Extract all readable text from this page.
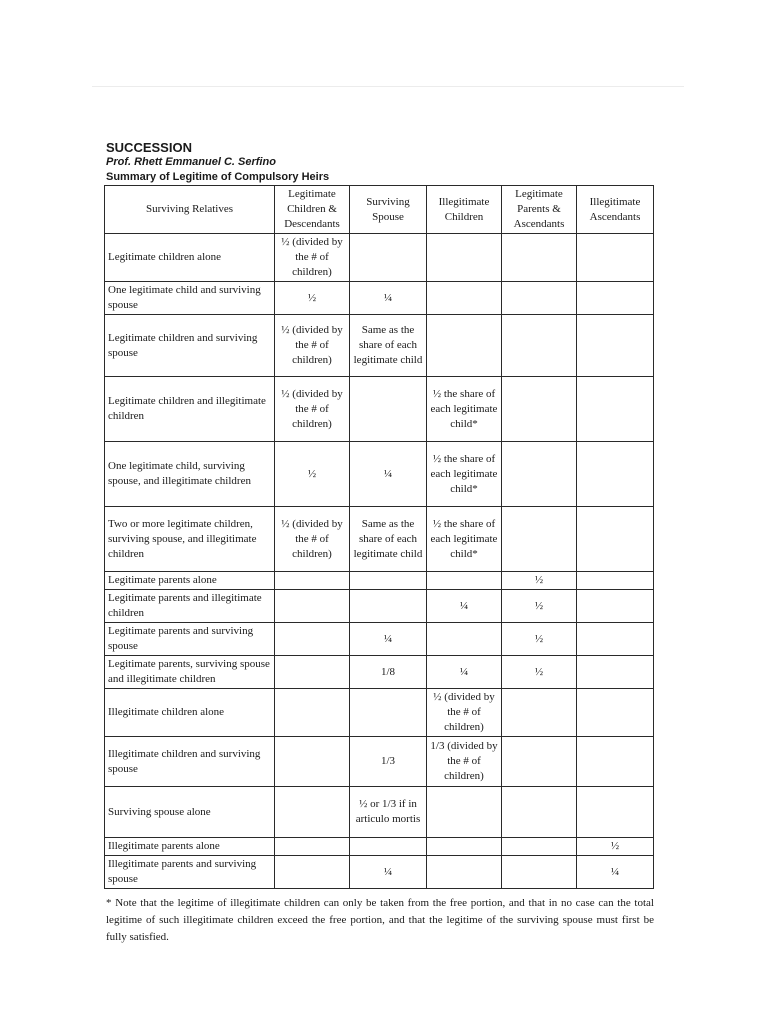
SUCCESSION
Prof. Rhett Emmanuel C. Serfino
Summary of Legitime of Compulsory Heirs
Surviving Relatives	Legitimate Children & Descendants	Surviving Spouse	Illegitimate Children	Legitimate Parents & Ascendants	Illegitimate Ascendants
Legitimate children alone	½ (divided by the # of children)				
One legitimate child and surviving spouse	½	¼			
Legitimate children and surviving spouse	½ (divided by the # of children)	Same as the share of each legitimate child			
Legitimate children and illegitimate children	½ (divided by the # of children)		½ the share of each legitimate child*		
One legitimate child, surviving spouse, and illegitimate children	½	¼	½ the share of each legitimate child*		
Two or more legitimate children, surviving spouse, and illegitimate children	½ (divided by the # of children)	Same as the share of each legitimate child	½ the share of each legitimate child*		
Legitimate parents alone				½	
Legitimate parents and illegitimate children			¼	½	
Legitimate parents and surviving spouse		¼		½	
Legitimate parents, surviving spouse and illegitimate children		1/8	¼	½	
Illegitimate children alone			½ (divided by the # of children)		
Illegitimate children and surviving spouse		1/3	1/3 (divided by the # of children)		
Surviving spouse alone		½ or 1/3 if in articulo mortis			
Illegitimate parents alone					½
Illegitimate parents and surviving spouse		¼			¼

* Note that the legitime of illegitimate children can only be taken from the free portion, and that in no case can the total legitime of such illegitimate children exceed the free portion, and that the legitime of the surviving spouse must first be fully satisfied.
